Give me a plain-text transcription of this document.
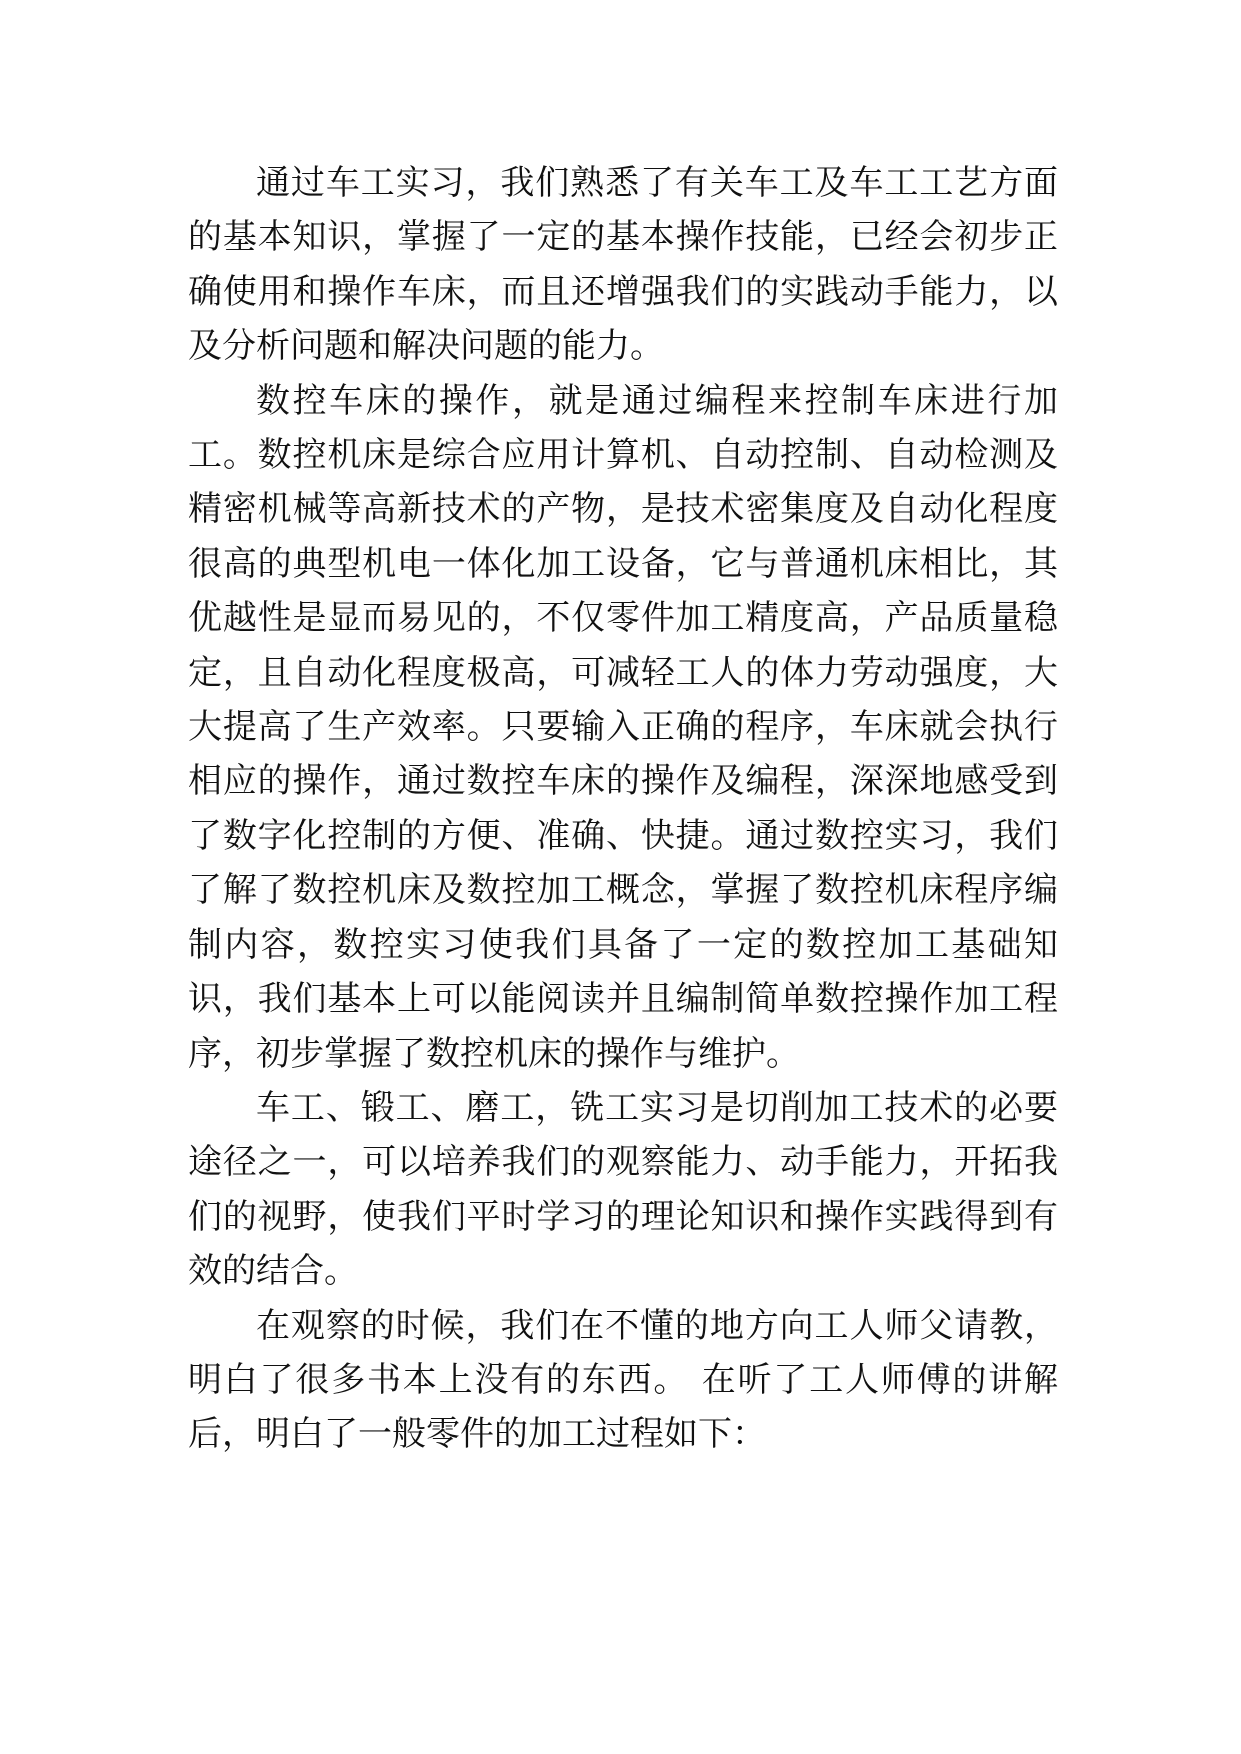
通过车工实习，我们熟悉了有关车工及车工工艺方面的基本知识，掌握了一定的基本操作技能，已经会初步正确使用和操作车床，而且还增强我们的实践动手能力，以及分析问题和解决问题的能力。

数控车床的操作，就是通过编程来控制车床进行加工。数控机床是综合应用计算机、自动控制、自动检测及精密机械等高新技术的产物，是技术密集度及自动化程度很高的典型机电一体化加工设备，它与普通机床相比，其优越性是显而易见的，不仅零件加工精度高，产品质量稳定，且自动化程度极高，可减轻工人的体力劳动强度，大大提高了生产效率。只要输入正确的程序，车床就会执行相应的操作，通过数控车床的操作及编程，深深地感受到了数字化控制的方便、准确、快捷。通过数控实习，我们了解了数控机床及数控加工概念，掌握了数控机床程序编制内容，数控实习使我们具备了一定的数控加工基础知识，我们基本上可以能阅读并且编制简单数控操作加工程序，初步掌握了数控机床的操作与维护。

车工、锻工、磨工，铣工实习是切削加工技术的必要途径之一，可以培养我们的观察能力、动手能力，开拓我们的视野，使我们平时学习的理论知识和操作实践得到有效的结合。

在观察的时候，我们在不懂的地方向工人师父请教，明白了很多书本上没有的东西。 在听了工人师傅的讲解后，明白了一般零件的加工过程如下：
